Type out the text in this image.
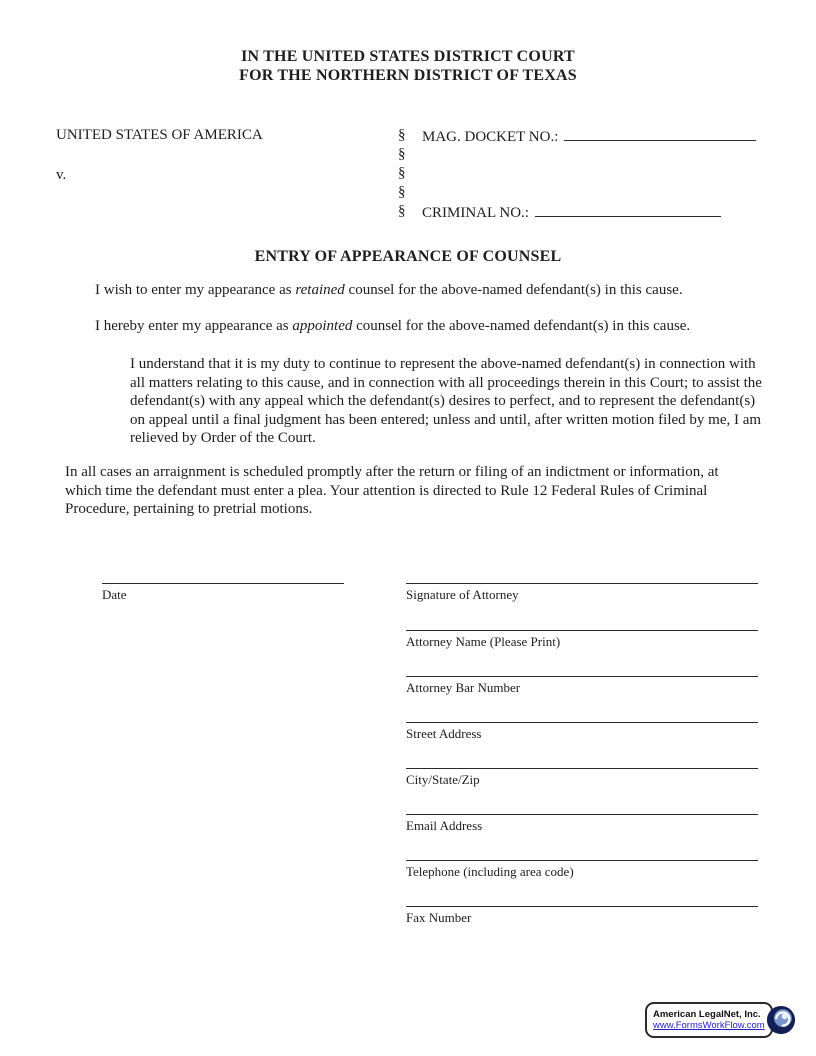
IN THE UNITED STATES DISTRICT COURT
FOR THE NORTHERN DISTRICT OF TEXAS
UNITED STATES OF AMERICA
v.
§
§
§
§
§
MAG. DOCKET NO.:
CRIMINAL NO.:
ENTRY OF APPEARANCE OF COUNSEL
I wish to enter my appearance as retained counsel for the above-named defendant(s) in this cause.
I hereby enter my appearance as appointed counsel for the above-named defendant(s) in this cause.
I understand that it is my duty to continue to represent the above-named defendant(s) in connection with all matters relating to this cause, and in connection with all proceedings therein in this Court; to assist the defendant(s) with any appeal which the defendant(s) desires to perfect, and to represent the defendant(s) on appeal until a final judgment has been entered; unless and until, after written motion filed by me, I am relieved by Order of the Court.
In all cases an arraignment is scheduled promptly after the return or filing of an indictment or information, at which time the defendant must enter a plea. Your attention is directed to Rule 12 Federal Rules of Criminal Procedure, pertaining to pretrial motions.
Date	Signature of Attorney
Attorney Name (Please Print)
Attorney Bar Number
Street Address
City/State/Zip
Email Address
Telephone (including area code)
Fax Number
American LegalNet, Inc.
www.FormsWorkFlow.com
